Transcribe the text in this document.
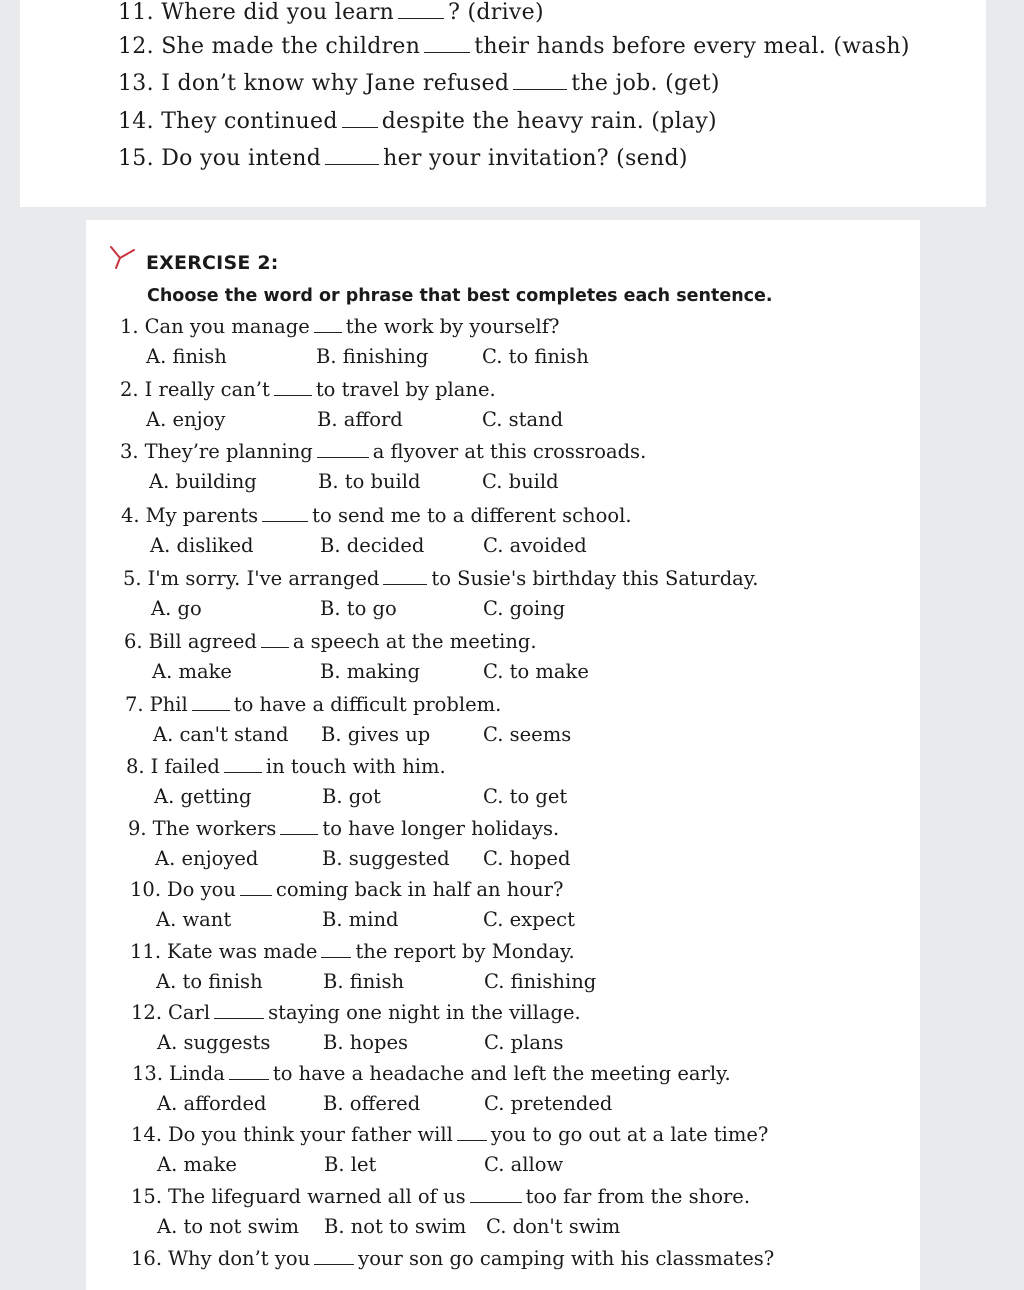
11. Where did you learn ? (drive)
12. She made the children their hands before every meal. (wash)
13. I don’t know why Jane refused	the job. (get)
14. They continued despite the heavy rain. (play)
15. Do you intend	her your invitation? (send)
EXERCISE 2:
Choose the word or phrase that best completes each sentence.
1. Can you manage the work by yourself?
A. finish	B. finishing	C. to finish
2. I really can’t to travel by plane.
A. enjoy	B. afford	C. stand
3. They’re planning	a flyover at this crossroads.
A. building	B. to build	C. build
4. My parents	to send me to a different school.
A. disliked	B. decided	C. avoided
5. I'm sorry. I've arranged	to Susie's birthday this Saturday.
A. go	B. to go	C. going
6. Bill agreed a speech at the meeting.
A. make	B. making	C. to make
7. Phil to have a difficult problem.
A. can't stand B. gives up	C. seems
8. I failed in touch with him.
A. getting	B. got	C. to get
9. The workers to have longer holidays.
A. enjoyed	B. suggested C. hoped
10. Do you coming back in half an hour?
A. want	B. mind	C. expect
11. Kate was made the report by Monday.
A. to finish	B. finish	C. finishing
12. Carl	staying one night in the village.
A. suggests	B. hopes	C. plans
13. Linda to have a headache and left the meeting early.
A. afforded	B. offered	C. pretended
14. Do you think your father will you to go out at a late time?
A. make	B. let	C. allow
15. The lifeguard warned all of us	too far from the shore.
A. to not swim B. not to swim C. don't swim
16. Why don’t you your son go camping with his classmates?
